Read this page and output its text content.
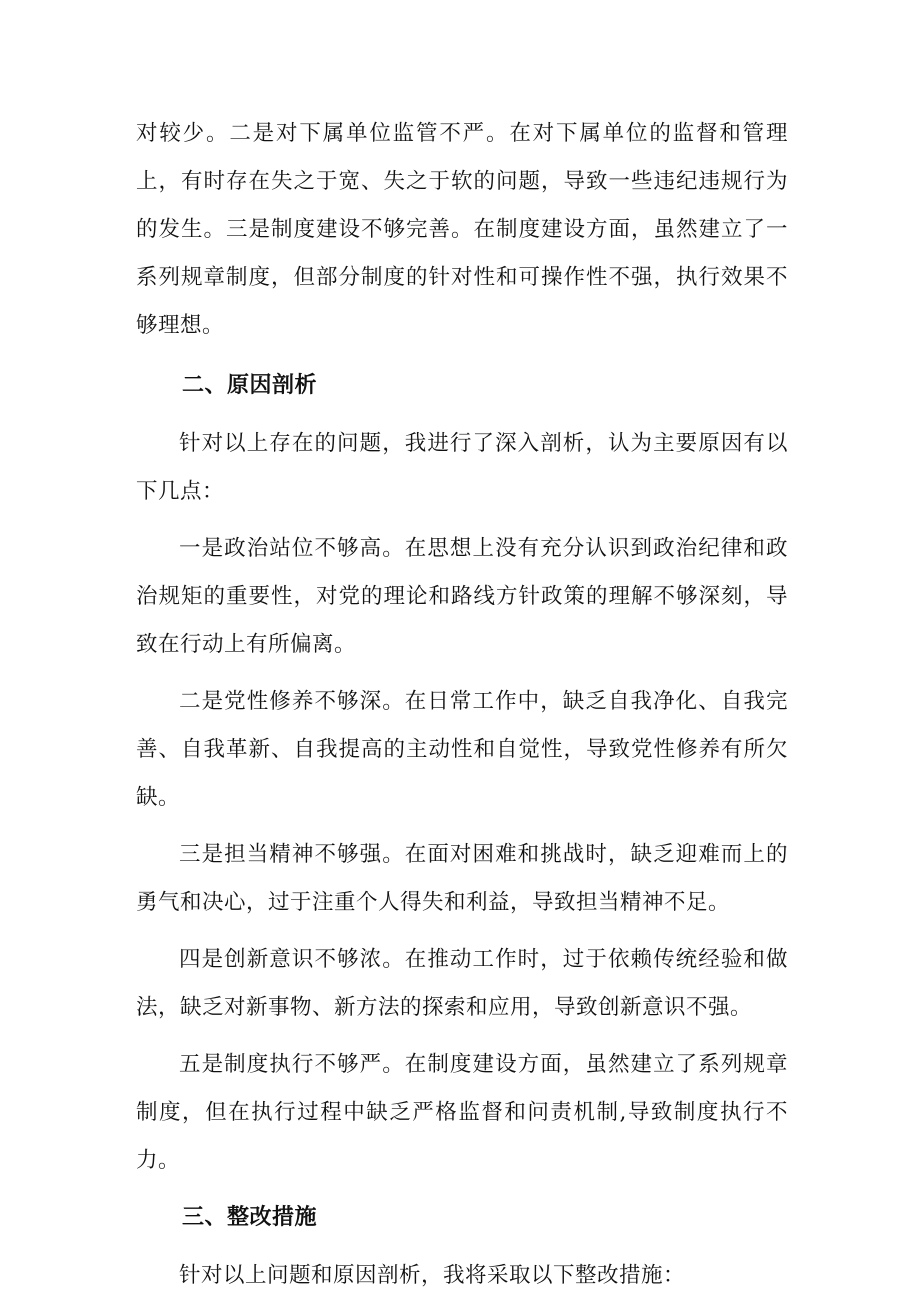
对较少。二是对下属单位监管不严。在对下属单位的监督和管理上，有时存在失之于宽、失之于软的问题，导致一些违纪违规行为的发生。三是制度建设不够完善。在制度建设方面，虽然建立了一系列规章制度，但部分制度的针对性和可操作性不强，执行效果不够理想。

二、原因剖析

针对以上存在的问题，我进行了深入剖析，认为主要原因有以下几点：

一是政治站位不够高。在思想上没有充分认识到政治纪律和政治规矩的重要性，对党的理论和路线方针政策的理解不够深刻，导致在行动上有所偏离。

二是党性修养不够深。在日常工作中，缺乏自我净化、自我完善、自我革新、自我提高的主动性和自觉性，导致党性修养有所欠缺。

三是担当精神不够强。在面对困难和挑战时，缺乏迎难而上的勇气和决心，过于注重个人得失和利益，导致担当精神不足。

四是创新意识不够浓。在推动工作时，过于依赖传统经验和做法，缺乏对新事物、新方法的探索和应用，导致创新意识不强。

五是制度执行不够严。在制度建设方面，虽然建立了系列规章制度，但在执行过程中缺乏严格监督和问责机制,导致制度执行不力。

三、整改措施

针对以上问题和原因剖析，我将采取以下整改措施：
